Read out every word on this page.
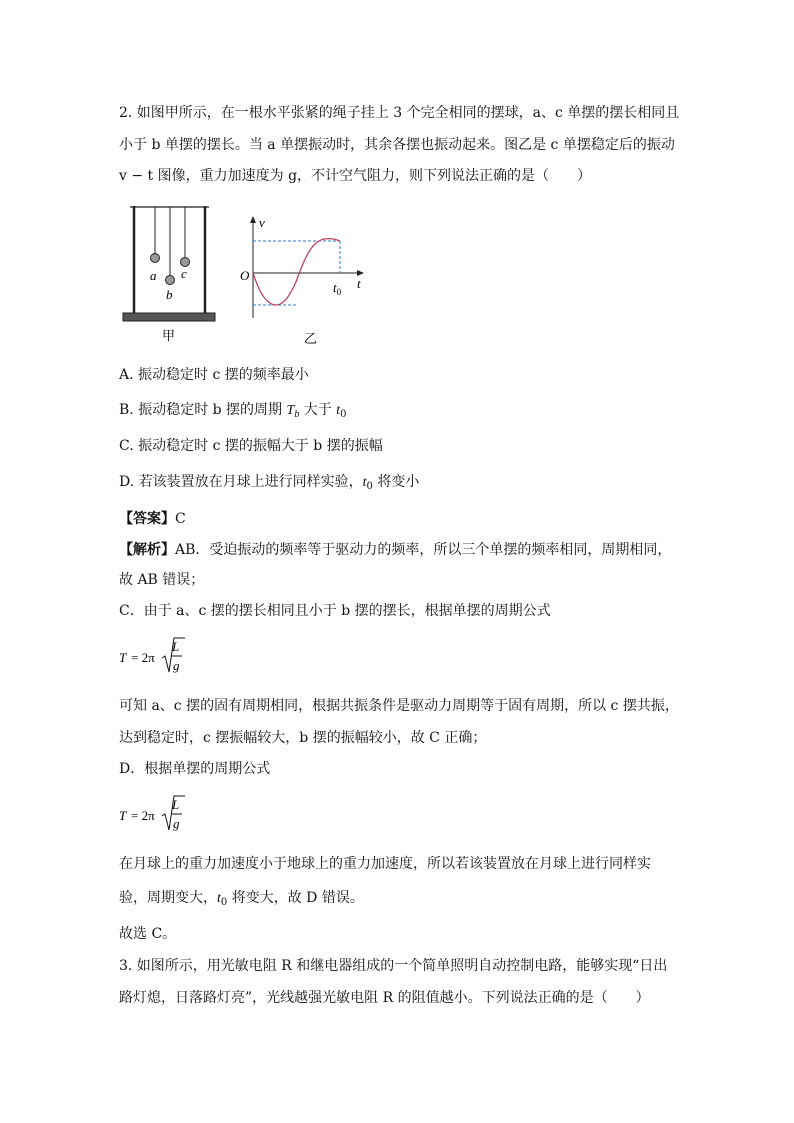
2. 如图甲所示，在一根水平张紧的绳子挂上 3 个完全相同的摆球，a、c 单摆的摆长相同且
小于 b 单摆的摆长。当 a 单摆振动时，其余各摆也振动起来。图乙是 c 单摆稳定后的振动
v − t 图像，重力加速度为 g，不计空气阻力，则下列说法正确的是（　　）
a
b
c
甲
v
t
O
$t_0$
乙
A. 振动稳定时 c 摆的频率最小
B. 振动稳定时 b 摆的周期 $T_b$ 大于 $t_0$
C. 振动稳定时 c 摆的振幅大于 b 摆的振幅
D. 若该装置放在月球上进行同样实验，$t_0$ 将变小
【答案】C
【解析】AB．受迫振动的频率等于驱动力的频率，所以三个单摆的频率相同，周期相同，
故 AB 错误；
C．由于 a、c 摆的摆长相同且小于 b 摆的摆长，根据单摆的周期公式
T = 2π
L
g
可知 a、c 摆的固有周期相同，根据共振条件是驱动力周期等于固有周期，所以 c 摆共振，
达到稳定时，c 摆振幅较大，b 摆的振幅较小，故 C 正确；
D．根据单摆的周期公式
T = 2π
L
g
在月球上的重力加速度小于地球上的重力加速度，所以若该装置放在月球上进行同样实
验，周期变大，$t_0$ 将变大，故 D 错误。
故选 C。
3. 如图所示，用光敏电阻 R 和继电器组成的一个简单照明自动控制电路，能够实现“日出
路灯熄，日落路灯亮”，光线越强光敏电阻 R 的阻值越小。下列说法正确的是（　　）
